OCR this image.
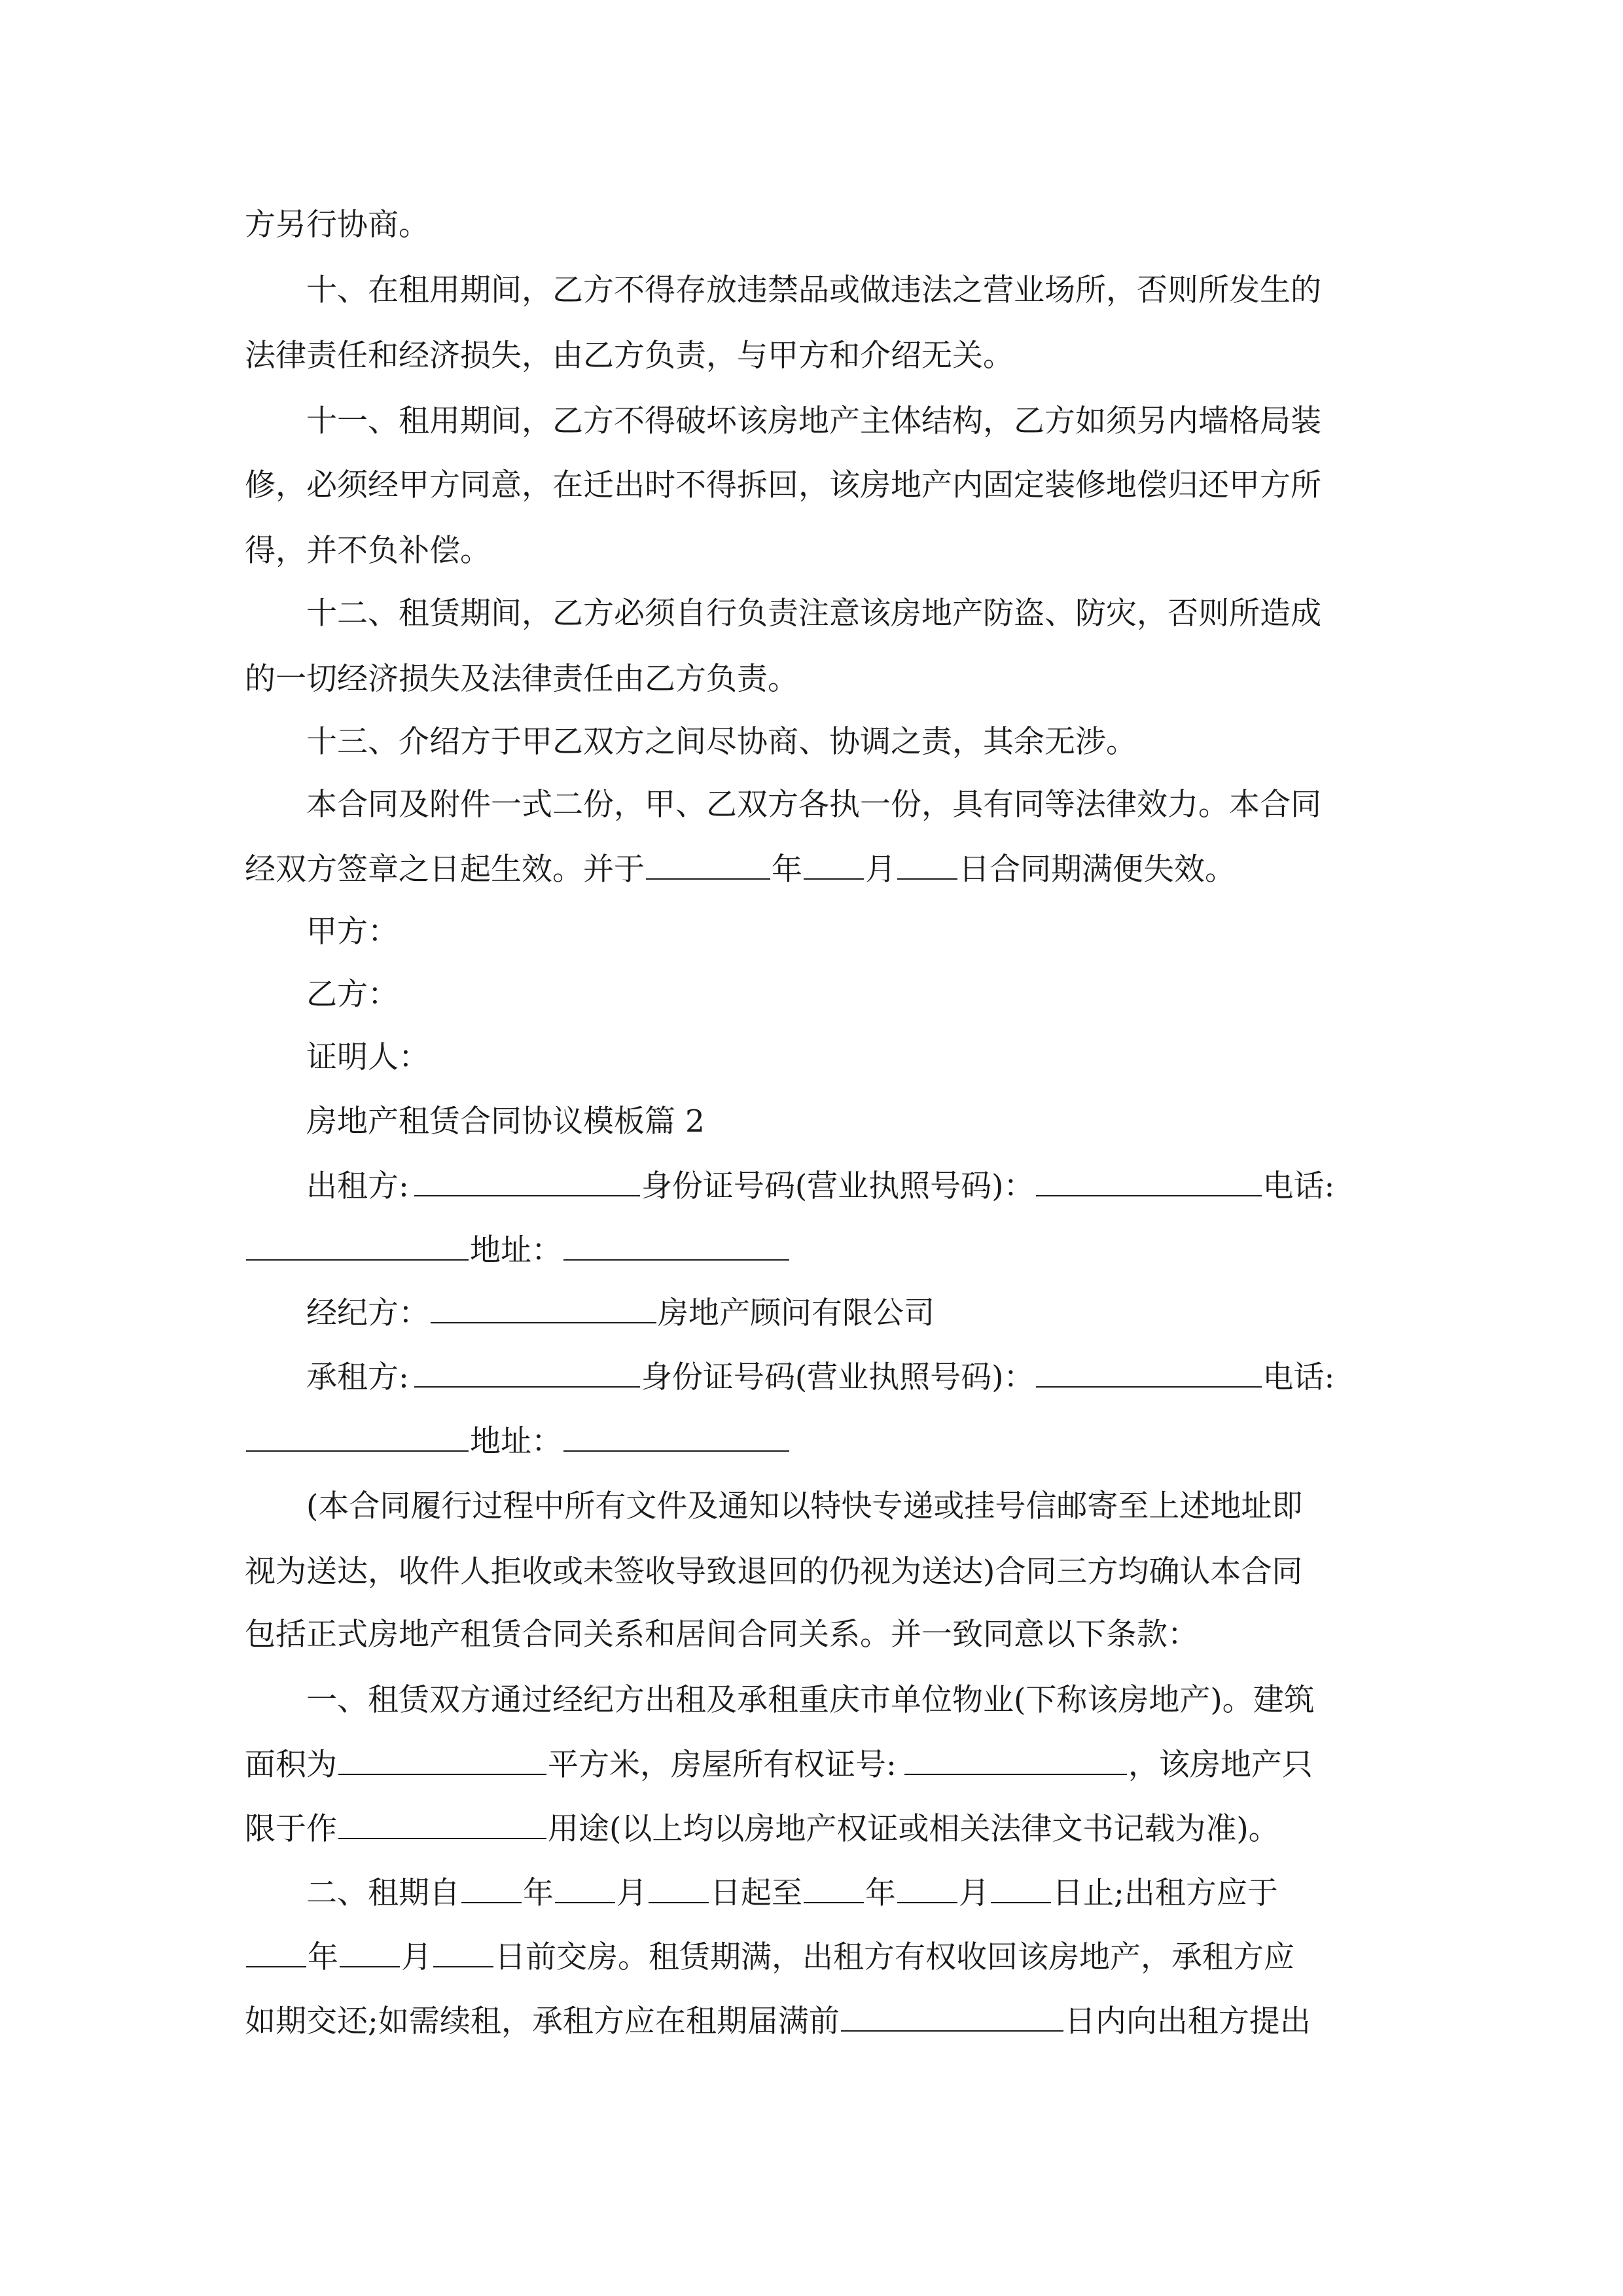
方另行协商。
十、在租用期间，乙方不得存放违禁品或做违法之营业场所，否则所发生的
法律责任和经济损失，由乙方负责，与甲方和介绍无关。
十一、租用期间，乙方不得破坏该房地产主体结构，乙方如须另内墙格局装
修，必须经甲方同意，在迁出时不得拆回，该房地产内固定装修地偿归还甲方所
得，并不负补偿。
十二、租赁期间，乙方必须自行负责注意该房地产防盗、防灾，否则所造成
的一切经济损失及法律责任由乙方负责。
十三、介绍方于甲乙双方之间尽协商、协调之责，其余无涉。
本合同及附件一式二份，甲、乙双方各执一份，具有同等法律效力。本合同
经双方签章之日起生效。并于	年 月 日合同期满便失效。
甲方：
乙方：
证明人：
房地产租赁合同协议模板篇 2
出租方:	身份证号码(营业执照号码)：	电话:
地址：
经纪方：	房地产顾问有限公司
承租方:	身份证号码(营业执照号码)：	电话:
地址：
(本合同履行过程中所有文件及通知以特快专递或挂号信邮寄至上述地址即
视为送达，收件人拒收或未签收导致退回的仍视为送达)合同三方均确认本合同
包括正式房地产租赁合同关系和居间合同关系。并一致同意以下条款：
一、租赁双方通过经纪方出租及承租重庆市单位物业(下称该房地产)。建筑
面积为	平方米，房屋所有权证号:	，该房地产只
限于作	用途(以上均以房地产权证或相关法律文书记载为准)。
二、租期自 年 月 日起至 年 月 日止;出租方应于
年 月 日前交房。租赁期满，出租方有权收回该房地产，承租方应
如期交还;如需续租，承租方应在租期届满前	日内向出租方提出
